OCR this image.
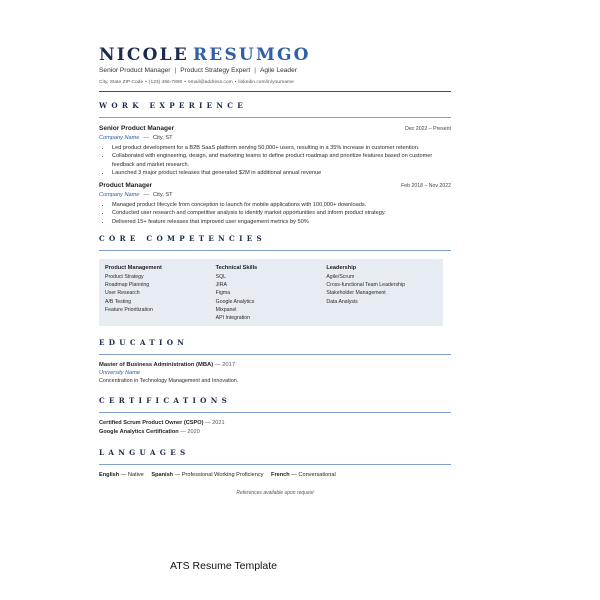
NICOLE RESUMGO
Senior Product Manager | Product Strategy Expert | Agile Leader
City, State ZIP Code • (123) 456-7890 • email@address.com • linkedin.com/in/yourname
WORK EXPERIENCE
Senior Product Manager	Dec 2022 – Present
Company Name — City, ST
• Led product development for a B2B SaaS platform serving 50,000+ users, resulting in a 35% increase in customer retention.
• Collaborated with engineering, design, and marketing teams to define product roadmap and prioritize features based on customer feedback and market research.
• Launched 3 major product releases that generated $2M in additional annual revenue
Product Manager	Feb 2018 – Nov 2022
Company Name — City, ST
• Managed product lifecycle from conception to launch for mobile applications with 100,000+ downloads.
• Conducted user research and competitive analysis to identify market opportunities and inform product strategy.
• Delivered 15+ feature releases that improved user engagement metrics by 50%
CORE COMPETENCIES
Product Management
Product Strategy
Roadmap Planning
User Research
A/B Testing
Feature Prioritization
Technical Skills
SQL
JIRA
Figma
Google Analytics
Mixpanel
API Integration
Leadership
Agile/Scrum
Cross-functional Team Leadership
Stakeholder Management
Data Analysis
EDUCATION
Master of Business Administration (MBA) — 2017
University Name
Concentration in Technology Management and Innovation.
CERTIFICATIONS
Certified Scrum Product Owner (CSPO) — 2021
Google Analytics Certification — 2020
LANGUAGES
English — Native Spanish — Professional Working Proficiency French — Conversational
References available upon request
ATS Resume Template
